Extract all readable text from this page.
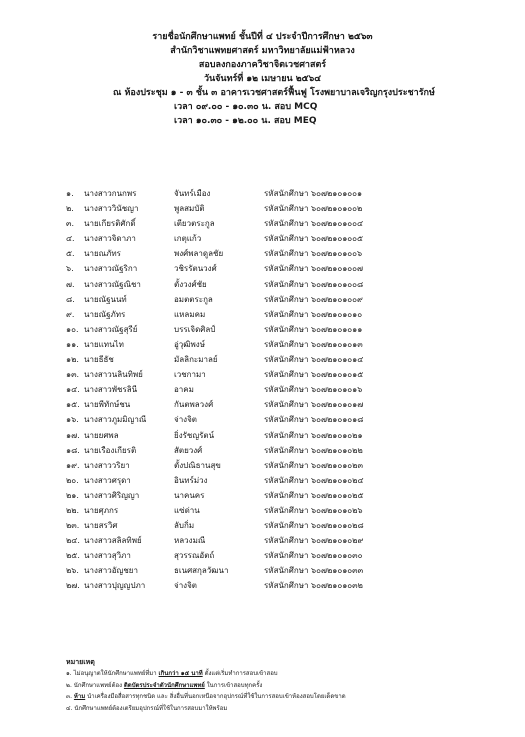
รายชื่อนักศึกษาแพทย์ ชั้นปีที่ ๔ ประจำปีการศึกษา ๒๕๖๓
สำนักวิชาแพทยศาสตร์ มหาวิทยาลัยแม่ฟ้าหลวง
สอบลงกองภาควิชาจิตเวชศาสตร์
วันจันทร์ที่ ๑๒ เมษายน ๒๕๖๔
ณ ห้องประชุม ๑ - ๓ ชั้น ๓ อาคารเวชศาสตร์ฟื้นฟู โรงพยาบาลเจริญกรุงประชารักษ์
เวลา ๐๙.๐๐ - ๑๐.๓๐ น. สอบ MCQ
เวลา ๑๐.๓๐ - ๑๒.๐๐ น. สอบ MEQ
๑. นางสาวกนกพร	จันทร์เมือง	รหัสนักศึกษา ๖๐๗๒๑๐๑๐๐๑
๒. นางสาววินัชญา	พูลสมบัติ	รหัสนักศึกษา ๖๐๗๒๑๐๑๐๐๒
๓. นายเกียรติศักดิ์	เตียวตระกูล	รหัสนักศึกษา ๖๐๗๒๑๐๑๐๐๔
๔. นางสาวจิดาภา	เกตุแก้ว	รหัสนักศึกษา ๖๐๗๒๑๐๑๐๐๕
๕. นายณภัทร	พงศ์พลาดูลชัย	รหัสนักศึกษา ๖๐๗๒๑๐๑๐๐๖
๖. นางสาวณัฐริกา	วชิรรัตนวงศ์	รหัสนักศึกษา ๖๐๗๒๑๐๑๐๐๗
๗. นางสาวณัฐณิชา	ตั้งวงศ์ชัย	รหัสนักศึกษา ๖๐๗๒๑๐๑๐๐๘
๘. นายณัฐนนท์	อมตตระกูล	รหัสนักศึกษา ๖๐๗๒๑๐๑๐๐๙
๙. นายณัฐภัทร	แหลมคม	รหัสนักศึกษา ๖๐๗๒๑๐๑๐๑๐
๑๐. นางสาวณัฐสุรีย์	บรรเจิดศิลป์	รหัสนักศึกษา ๖๐๗๒๑๐๑๐๑๑
๑๑. นายแทนไท	อู่วุฒิพงษ์	รหัสนักศึกษา ๖๐๗๒๑๐๑๐๑๓
๑๒. นายธีธัช	มัลลิกะมาลย์	รหัสนักศึกษา ๖๐๗๒๑๐๑๐๑๔
๑๓. นางสาวนลินทิพย์	เวชกามา	รหัสนักศึกษา ๖๐๗๒๑๐๑๐๑๕
๑๔. นางสาวพัชรลินี	อาคม	รหัสนักศึกษา ๖๐๗๒๑๐๑๐๑๖
๑๕. นายพีทักษ์ชน	กันตพลวงศ์	รหัสนักศึกษา ๖๐๗๒๑๐๑๐๑๗
๑๖. นางสาวภูมมิญาณี	จ่างจิต	รหัสนักศึกษา ๖๐๗๒๑๐๑๐๑๘
๑๗. นายยศพล	ยิ่งรัชญรัตน์	รหัสนักศึกษา ๖๐๗๒๑๐๑๐๒๑
๑๘. นายเรืองเกียรติ	สัตยวงศ์	รหัสนักศึกษา ๖๐๗๒๑๐๑๐๒๒
๑๙. นางสาววริยา	ตั้งปณิธานสุข	รหัสนักศึกษา ๖๐๗๒๑๐๑๐๒๓
๒๐. นางสาวศรุดา	อินทร์ม่วง	รหัสนักศึกษา ๖๐๗๒๑๐๑๐๒๔
๒๑. นางสาวศิริญญา	นาคนคร	รหัสนักศึกษา ๖๐๗๒๑๐๑๐๒๕
๒๒. นายศุภกร	แซ่ด่าน	รหัสนักศึกษา ๖๐๗๒๑๐๑๐๒๖
๒๓. นายสรวิศ	ลับกิ่ม	รหัสนักศึกษา ๖๐๗๒๑๐๑๐๒๘
๒๔. นางสาวสลิลทิพย์	หลวงมณี	รหัสนักศึกษา ๖๐๗๒๑๐๑๐๒๙
๒๕. นางสาวสุวิภา	สุวรรณอัตถ์	รหัสนักศึกษา ๖๐๗๒๑๐๑๐๓๐
๒๖. นางสาวอัญชยา	ธเนศสกุลวัฒนา	รหัสนักศึกษา ๖๐๗๒๑๐๑๐๓๓
๒๗. นางสาวปุญญปภา	จ่างจิต	รหัสนักศึกษา ๖๐๗๒๑๐๑๐๓๒
หมายเหตุ
๑. ไม่อนุญาตให้นักศึกษาแพทย์ที่มา เกินกว่า ๑๕ นาที ตั้งแต่เริ่มทำการสอบเข้าสอบ
๒. นักศึกษาแพทย์ต้อง ติดบัตรประจำตัวนักศึกษาแพทย์ ในการเข้าสอบทุกครั้ง
๓. ห้าม นำเครื่องมือสื่อสารทุกชนิด และ สิ่งอื่นที่นอกเหนือจากอุปกรณ์ที่ใช้ในการสอบเข้าห้องสอบโดยเด็ดขาด
๔. นักศึกษาแพทย์ต้องเตรียมอุปกรณ์ที่ใช้ในการสอบมาให้พร้อม
